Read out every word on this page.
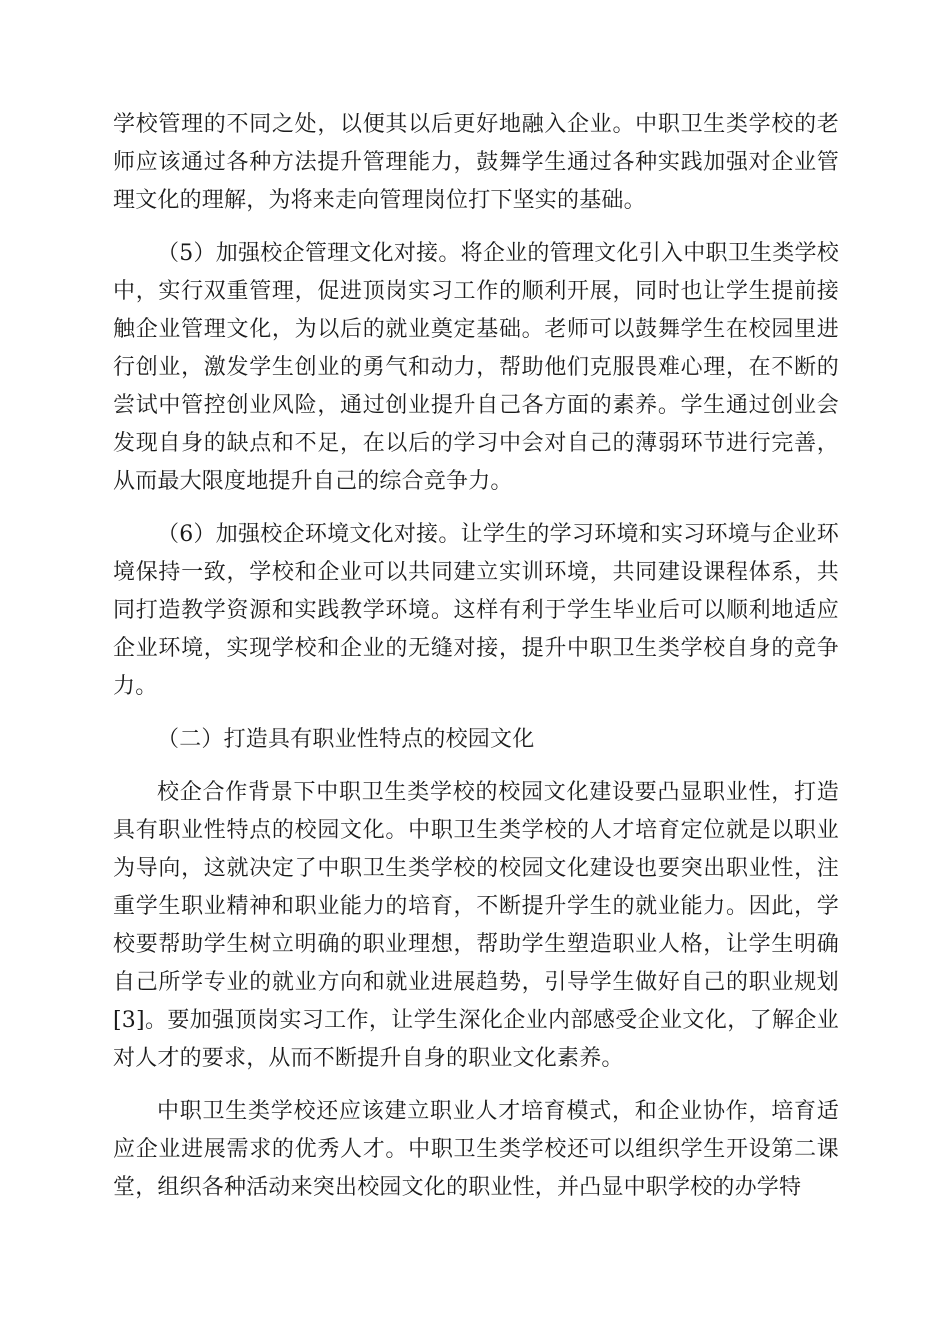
学校管理的不同之处，以便其以后更好地融入企业。中职卫生类学校的老师应该通过各种方法提升管理能力，鼓舞学生通过各种实践加强对企业管理文化的理解，为将来走向管理岗位打下坚实的基础。

（5）加强校企管理文化对接。将企业的管理文化引入中职卫生类学校中，实行双重管理，促进顶岗实习工作的顺利开展，同时也让学生提前接触企业管理文化，为以后的就业奠定基础。老师可以鼓舞学生在校园里进行创业，激发学生创业的勇气和动力，帮助他们克服畏难心理，在不断的尝试中管控创业风险，通过创业提升自己各方面的素养。学生通过创业会发现自身的缺点和不足，在以后的学习中会对自己的薄弱环节进行完善，从而最大限度地提升自己的综合竞争力。

（6）加强校企环境文化对接。让学生的学习环境和实习环境与企业环境保持一致，学校和企业可以共同建立实训环境，共同建设课程体系，共同打造教学资源和实践教学环境。这样有利于学生毕业后可以顺利地适应企业环境，实现学校和企业的无缝对接，提升中职卫生类学校自身的竞争力。

（二）打造具有职业性特点的校园文化

校企合作背景下中职卫生类学校的校园文化建设要凸显职业性，打造具有职业性特点的校园文化。中职卫生类学校的人才培育定位就是以职业为导向，这就决定了中职卫生类学校的校园文化建设也要突出职业性，注重学生职业精神和职业能力的培育，不断提升学生的就业能力。因此，学校要帮助学生树立明确的职业理想，帮助学生塑造职业人格，让学生明确自己所学专业的就业方向和就业进展趋势，引导学生做好自己的职业规划[3]。要加强顶岗实习工作，让学生深化企业内部感受企业文化，了解企业对人才的要求，从而不断提升自身的职业文化素养。

中职卫生类学校还应该建立职业人才培育模式，和企业协作，培育适应企业进展需求的优秀人才。中职卫生类学校还可以组织学生开设第二课堂，组织各种活动来突出校园文化的职业性，并凸显中职学校的办学特
